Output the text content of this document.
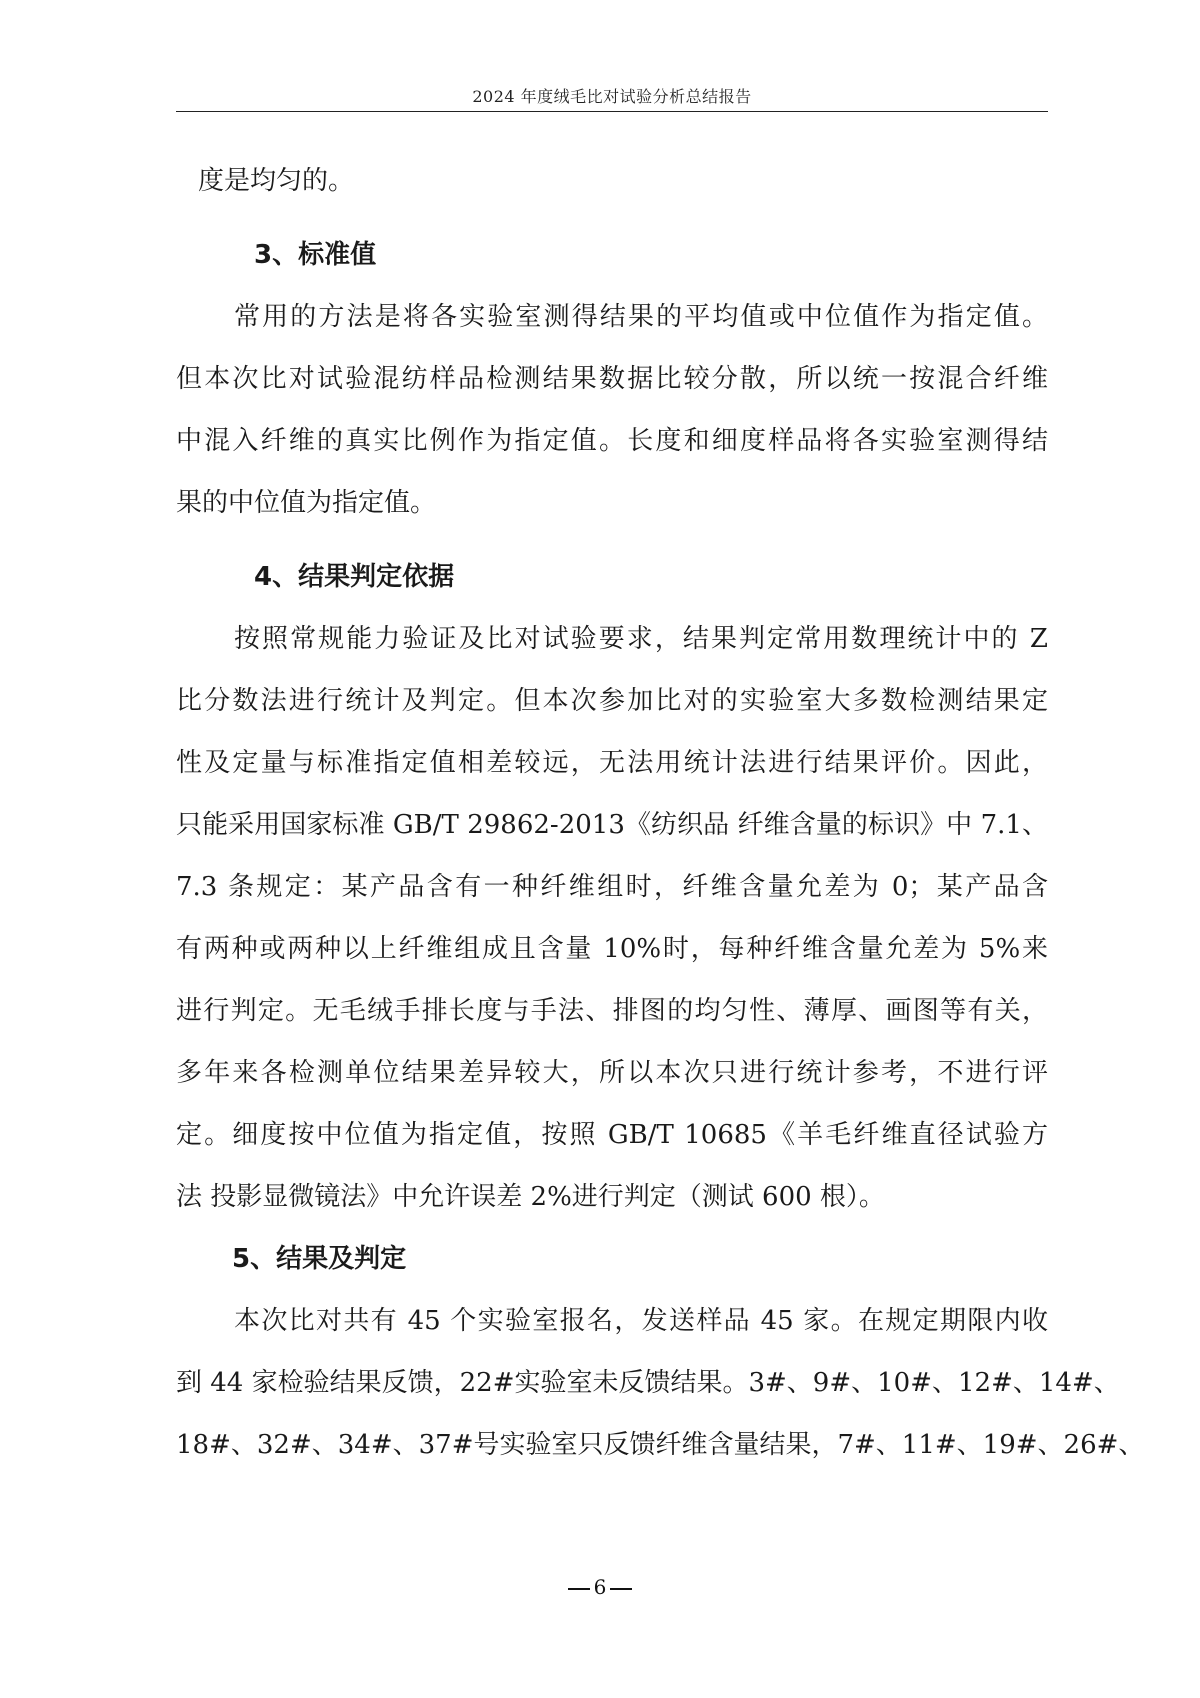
2024 年度绒毛比对试验分析总结报告
度是均匀的。
3、标准值
常用的方法是将各实验室测得结果的平均值或中位值作为指定值。
但本次比对试验混纺样品检测结果数据比较分散，所以统一按混合纤维
中混入纤维的真实比例作为指定值。长度和细度样品将各实验室测得结
果的中位值为指定值。
4、结果判定依据
按照常规能力验证及比对试验要求，结果判定常用数理统计中的 Z
比分数法进行统计及判定。但本次参加比对的实验室大多数检测结果定
性及定量与标准指定值相差较远，无法用统计法进行结果评价。因此，
只能采用国家标准 GB/T 29862-2013《纺织品 纤维含量的标识》中 7.1、
7.3 条规定：某产品含有一种纤维组时，纤维含量允差为 0；某产品含
有两种或两种以上纤维组成且含量 10%时，每种纤维含量允差为 5%来
进行判定。无毛绒手排长度与手法、排图的均匀性、薄厚、画图等有关，
多年来各检测单位结果差异较大，所以本次只进行统计参考，不进行评
定。细度按中位值为指定值，按照 GB/T 10685《羊毛纤维直径试验方
法 投影显微镜法》中允许误差 2%进行判定（测试 600 根）。
5、结果及判定
本次比对共有 45 个实验室报名，发送样品 45 家。在规定期限内收
到 44 家检验结果反馈，22#实验室未反馈结果。3#、9#、10#、12#、14#、
18#、32#、34#、37#号实验室只反馈纤维含量结果，7#、11#、19#、26#、
6
